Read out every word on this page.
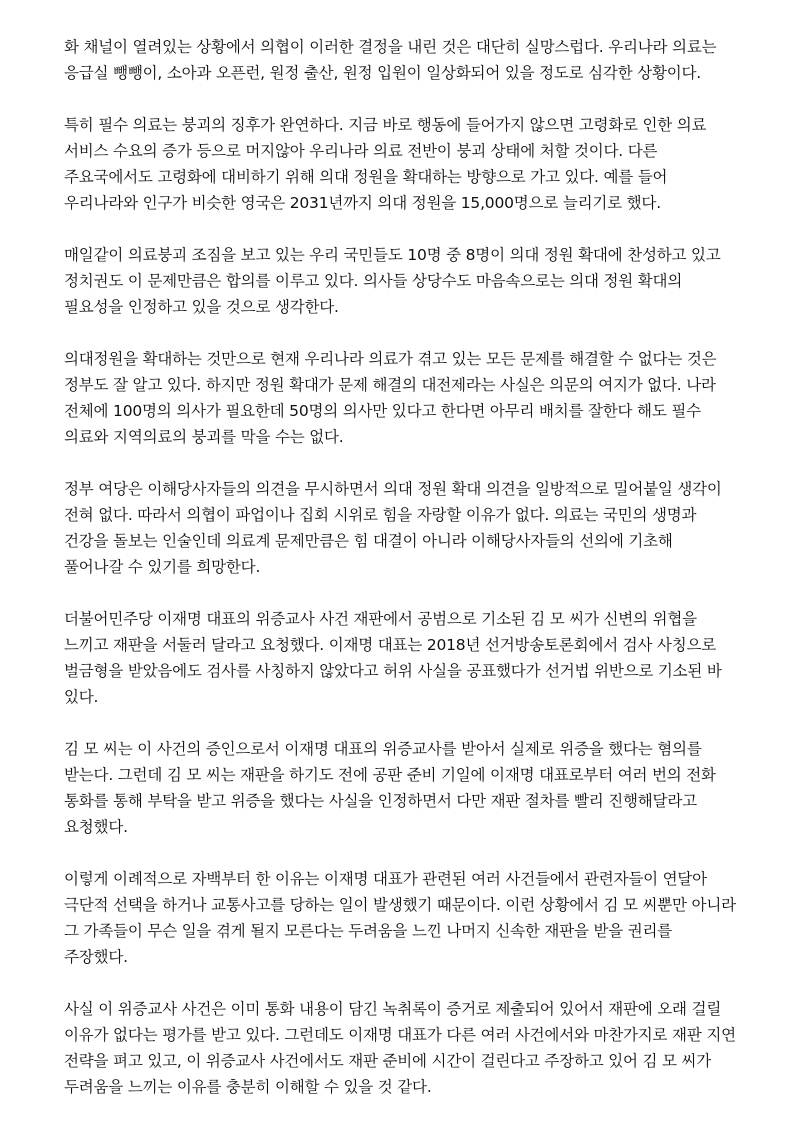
화 채널이 열려있는 상황에서 의협이 이러한 결정을 내린 것은 대단히 실망스럽다. 우리나라 의료는 응급실 뺑뺑이, 소아과 오픈런, 원정 출산, 원정 입원이 일상화되어 있을 정도로 심각한 상황이다.

특히 필수 의료는 붕괴의 징후가 완연하다. 지금 바로 행동에 들어가지 않으면 고령화로 인한 의료 서비스 수요의 증가 등으로 머지않아 우리나라 의료 전반이 붕괴 상태에 처할 것이다. 다른 주요국에서도 고령화에 대비하기 위해 의대 정원을 확대하는 방향으로 가고 있다. 예를 들어 우리나라와 인구가 비슷한 영국은 2031년까지 의대 정원을 15,000명으로 늘리기로 했다.

매일같이 의료붕괴 조짐을 보고 있는 우리 국민들도 10명 중 8명이 의대 정원 확대에 찬성하고 있고 정치권도 이 문제만큼은 합의를 이루고 있다. 의사들 상당수도 마음속으로는 의대 정원 확대의 필요성을 인정하고 있을 것으로 생각한다.

의대정원을 확대하는 것만으로 현재 우리나라 의료가 겪고 있는 모든 문제를 해결할 수 없다는 것은 정부도 잘 알고 있다. 하지만 정원 확대가 문제 해결의 대전제라는 사실은 의문의 여지가 없다. 나라 전체에 100명의 의사가 필요한데 50명의 의사만 있다고 한다면 아무리 배치를 잘한다 해도 필수 의료와 지역의료의 붕괴를 막을 수는 없다.

정부 여당은 이해당사자들의 의견을 무시하면서 의대 정원 확대 의견을 일방적으로 밀어붙일 생각이 전혀 없다. 따라서 의협이 파업이나 집회 시위로 힘을 자랑할 이유가 없다. 의료는 국민의 생명과 건강을 돌보는 인술인데 의료계 문제만큼은 힘 대결이 아니라 이해당사자들의 선의에 기초해 풀어나갈 수 있기를 희망한다.

더불어민주당 이재명 대표의 위증교사 사건 재판에서 공범으로 기소된 김 모 씨가 신변의 위협을 느끼고 재판을 서둘러 달라고 요청했다. 이재명 대표는 2018년 선거방송토론회에서 검사 사칭으로 벌금형을 받았음에도 검사를 사칭하지 않았다고 허위 사실을 공표했다가 선거법 위반으로 기소된 바 있다.

김 모 씨는 이 사건의 증인으로서 이재명 대표의 위증교사를 받아서 실제로 위증을 했다는 혐의를 받는다. 그런데 김 모 씨는 재판을 하기도 전에 공판 준비 기일에 이재명 대표로부터 여러 번의 전화 통화를 통해 부탁을 받고 위증을 했다는 사실을 인정하면서 다만 재판 절차를 빨리 진행해달라고 요청했다.

이렇게 이례적으로 자백부터 한 이유는 이재명 대표가 관련된 여러 사건들에서 관련자들이 연달아 극단적 선택을 하거나 교통사고를 당하는 일이 발생했기 때문이다. 이런 상황에서 김 모 씨뿐만 아니라 그 가족들이 무슨 일을 겪게 될지 모른다는 두려움을 느낀 나머지 신속한 재판을 받을 권리를 주장했다.

사실 이 위증교사 사건은 이미 통화 내용이 담긴 녹취록이 증거로 제출되어 있어서 재판에 오래 걸릴 이유가 없다는 평가를 받고 있다. 그런데도 이재명 대표가 다른 여러 사건에서와 마찬가지로 재판 지연 전략을 펴고 있고, 이 위증교사 사건에서도 재판 준비에 시간이 걸린다고 주장하고 있어 김 모 씨가 두려움을 느끼는 이유를 충분히 이해할 수 있을 것 같다.
